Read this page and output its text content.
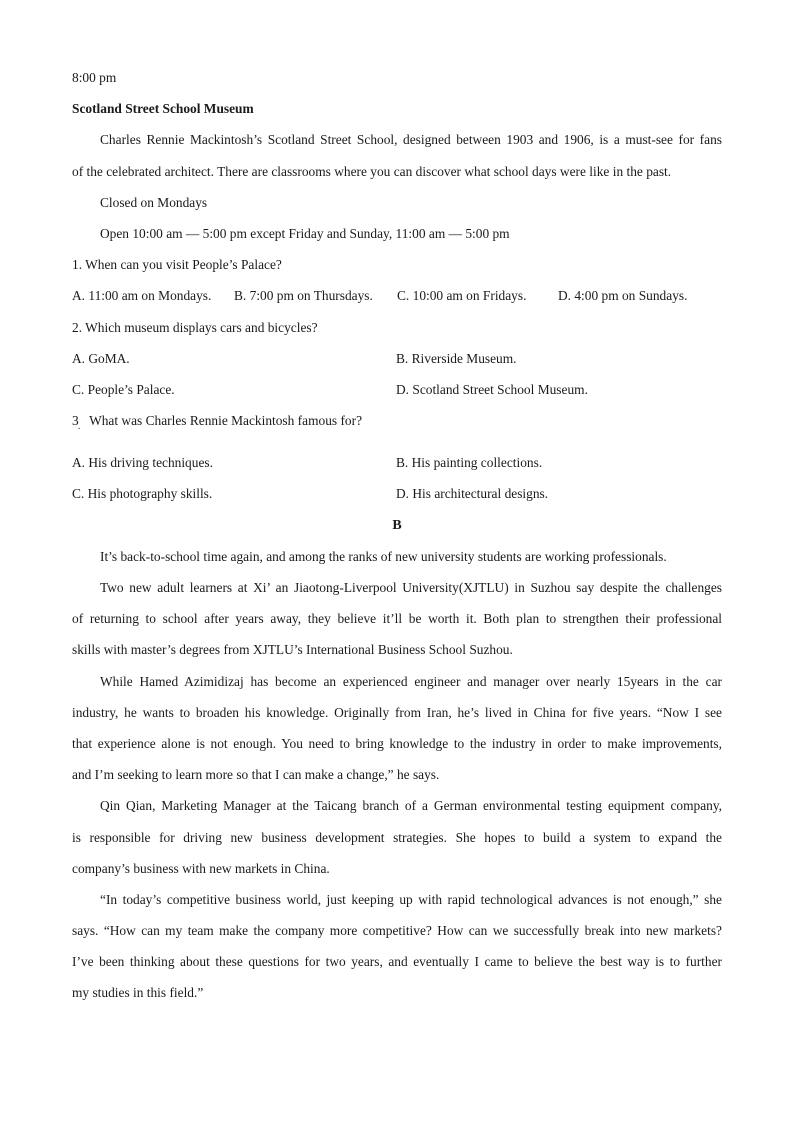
8:00 pm
Scotland Street School Museum
Charles Rennie Mackintosh’s Scotland Street School, designed between 1903 and 1906, is a must-see for fans
of the celebrated architect. There are classrooms where you can discover what school days were like in the past.
Closed on Mondays
Open 10:00 am — 5:00 pm except Friday and Sunday, 11:00 am — 5:00 pm
1. When can you visit People’s Palace?
A. 11:00 am on Mondays.	B. 7:00 pm on Thursdays.	C. 10:00 am on Fridays.	D. 4:00 pm on Sundays.
2. Which museum displays cars and bicycles?
A. GoMA.	B. Riverside Museum.
C. People’s Palace.	D. Scotland Street School Museum.
3 . What was Charles Rennie Mackintosh famous for?
A. His driving techniques.	B. His painting collections.
C. His photography skills.	D. His architectural designs.
B
It’s back-to-school time again, and among the ranks of new university students are working professionals.
Two new adult learners at Xi’ an Jiaotong-Liverpool University(XJTLU) in Suzhou say despite the challenges
of returning to school after years away, they believe it’ll be worth it. Both plan to strengthen their professional
skills with master’s degrees from XJTLU’s International Business School Suzhou.
While Hamed Azimidizaj has become an experienced engineer and manager over nearly 15years in the car
industry, he wants to broaden his knowledge. Originally from Iran, he’s lived in China for five years. “Now I see
that experience alone is not enough. You need to bring knowledge to the industry in order to make improvements,
and I’m seeking to learn more so that I can make a change,” he says.
Qin Qian, Marketing Manager at the Taicang branch of a German environmental testing equipment company,
is responsible for driving new business development strategies. She hopes to build a system to expand the
company’s business with new markets in China.
“In today’s competitive business world, just keeping up with rapid technological advances is not enough,” she
says. “How can my team make the company more competitive? How can we successfully break into new markets?
I’ve been thinking about these questions for two years, and eventually I came to believe the best way is to further
my studies in this field.”
